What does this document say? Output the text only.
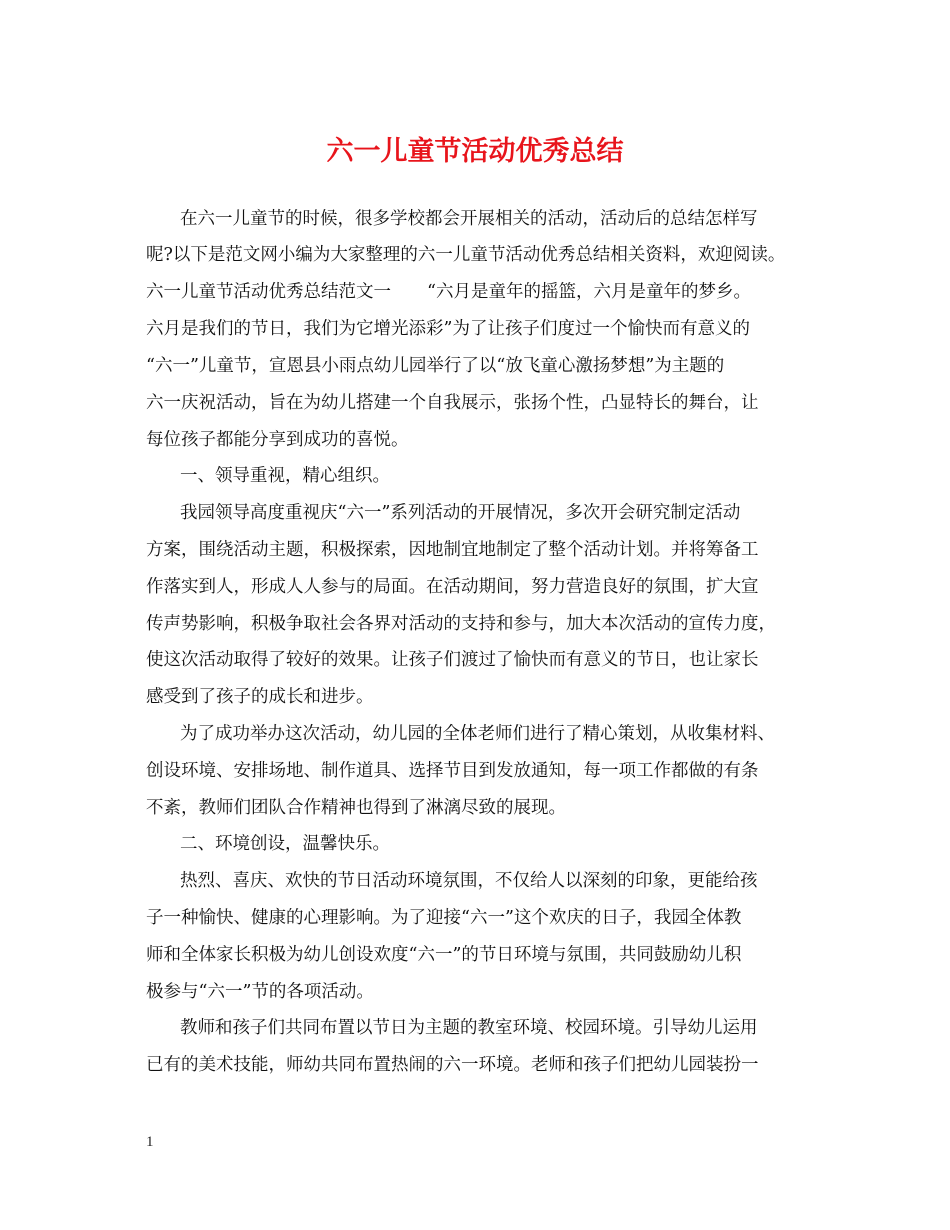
六一儿童节活动优秀总结
在六一儿童节的时候，很多学校都会开展相关的活动，活动后的总结怎样写
呢?以下是范文网小编为大家整理的六一儿童节活动优秀总结相关资料，欢迎阅读。
六一儿童节活动优秀总结范文一 “六月是童年的摇篮，六月是童年的梦乡。
六月是我们的节日，我们为它增光添彩”为了让孩子们度过一个愉快而有意义的
“六一”儿童节，宣恩县小雨点幼儿园举行了以“放飞童心激扬梦想”为主题的
六一庆祝活动，旨在为幼儿搭建一个自我展示，张扬个性，凸显特长的舞台，让
每位孩子都能分享到成功的喜悦。
一、领导重视，精心组织。
我园领导高度重视庆“六一”系列活动的开展情况，多次开会研究制定活动
方案，围绕活动主题，积极探索，因地制宜地制定了整个活动计划。并将筹备工
作落实到人，形成人人参与的局面。在活动期间，努力营造良好的氛围，扩大宣
传声势影响，积极争取社会各界对活动的支持和参与，加大本次活动的宣传力度，
使这次活动取得了较好的效果。让孩子们渡过了愉快而有意义的节日，也让家长
感受到了孩子的成长和进步。
为了成功举办这次活动，幼儿园的全体老师们进行了精心策划，从收集材料、
创设环境、安排场地、制作道具、选择节目到发放通知，每一项工作都做的有条
不紊，教师们团队合作精神也得到了淋漓尽致的展现。
二、环境创设，温馨快乐。
热烈、喜庆、欢快的节日活动环境氛围，不仅给人以深刻的印象，更能给孩
子一种愉快、健康的心理影响。为了迎接“六一”这个欢庆的日子，我园全体教
师和全体家长积极为幼儿创设欢度“六一”的节日环境与氛围，共同鼓励幼儿积
极参与“六一”节的各项活动。
教师和孩子们共同布置以节日为主题的教室环境、校园环境。引导幼儿运用
已有的美术技能，师幼共同布置热闹的六一环境。老师和孩子们把幼儿园装扮一
1
